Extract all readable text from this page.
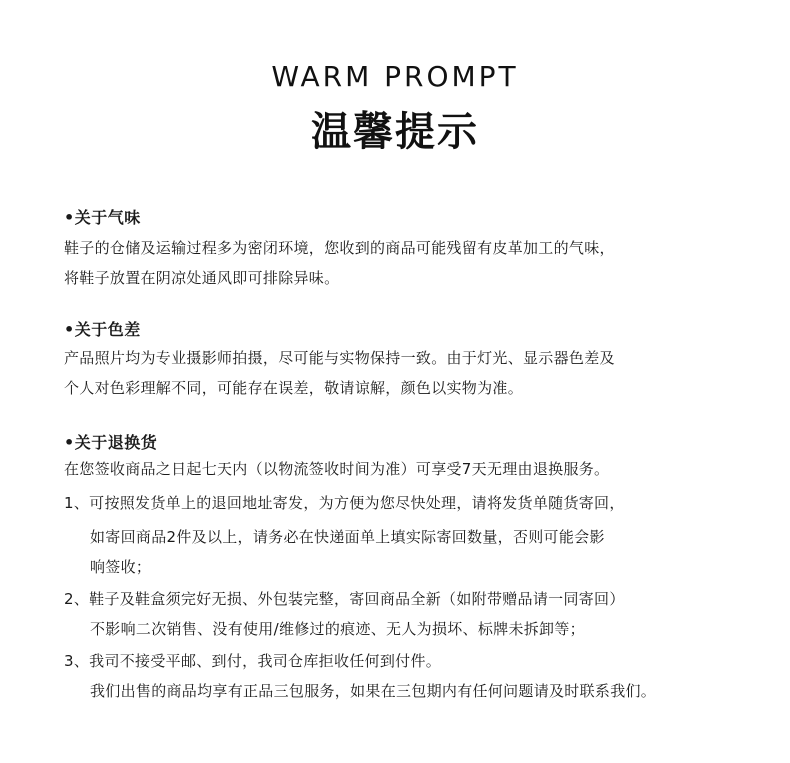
WARM PROMPT
温馨提示
•关于气味
鞋子的仓储及运输过程多为密闭环境，您收到的商品可能残留有皮革加工的气味，
将鞋子放置在阴凉处通风即可排除异味。
•关于色差
产品照片均为专业摄影师拍摄，尽可能与实物保持一致。由于灯光、显示器色差及
个人对色彩理解不同，可能存在误差，敬请谅解，颜色以实物为准。
•关于退换货
在您签收商品之日起七天内（以物流签收时间为准）可享受7天无理由退换服务。
1、可按照发货单上的退回地址寄发，为方便为您尽快处理，请将发货单随货寄回，
如寄回商品2件及以上，请务必在快递面单上填实际寄回数量，否则可能会影
响签收；
2、鞋子及鞋盒须完好无损、外包装完整，寄回商品全新（如附带赠品请一同寄回）
不影响二次销售、没有使用/维修过的痕迹、无人为损坏、标牌未拆卸等；
3、我司不接受平邮、到付，我司仓库拒收任何到付件。
我们出售的商品均享有正品三包服务，如果在三包期内有任何问题请及时联系我们。
